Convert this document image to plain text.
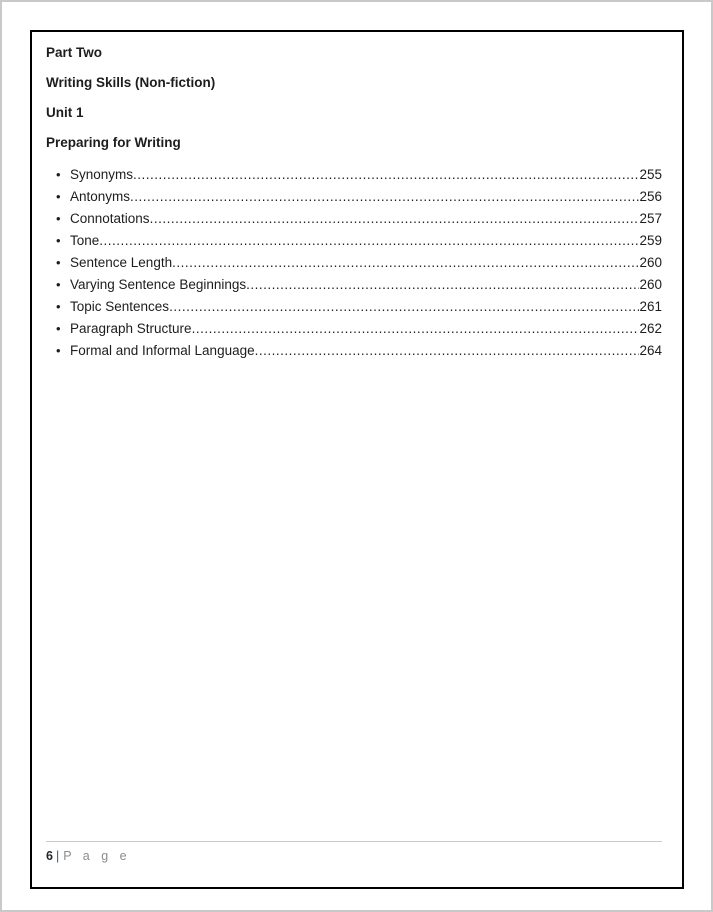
Part Two

Writing Skills (Non-fiction)

Unit 1

Preparing for Writing

• Synonyms .....	255
• Antonyms .....	256
• Connotations .....	257
• Tone .....	259
• Sentence Length .....	260
• Varying Sentence Beginnings .....	260
• Topic Sentences .....	261
• Paragraph Structure .....	262
• Formal and Informal Language .....	264
6 | P a g e
